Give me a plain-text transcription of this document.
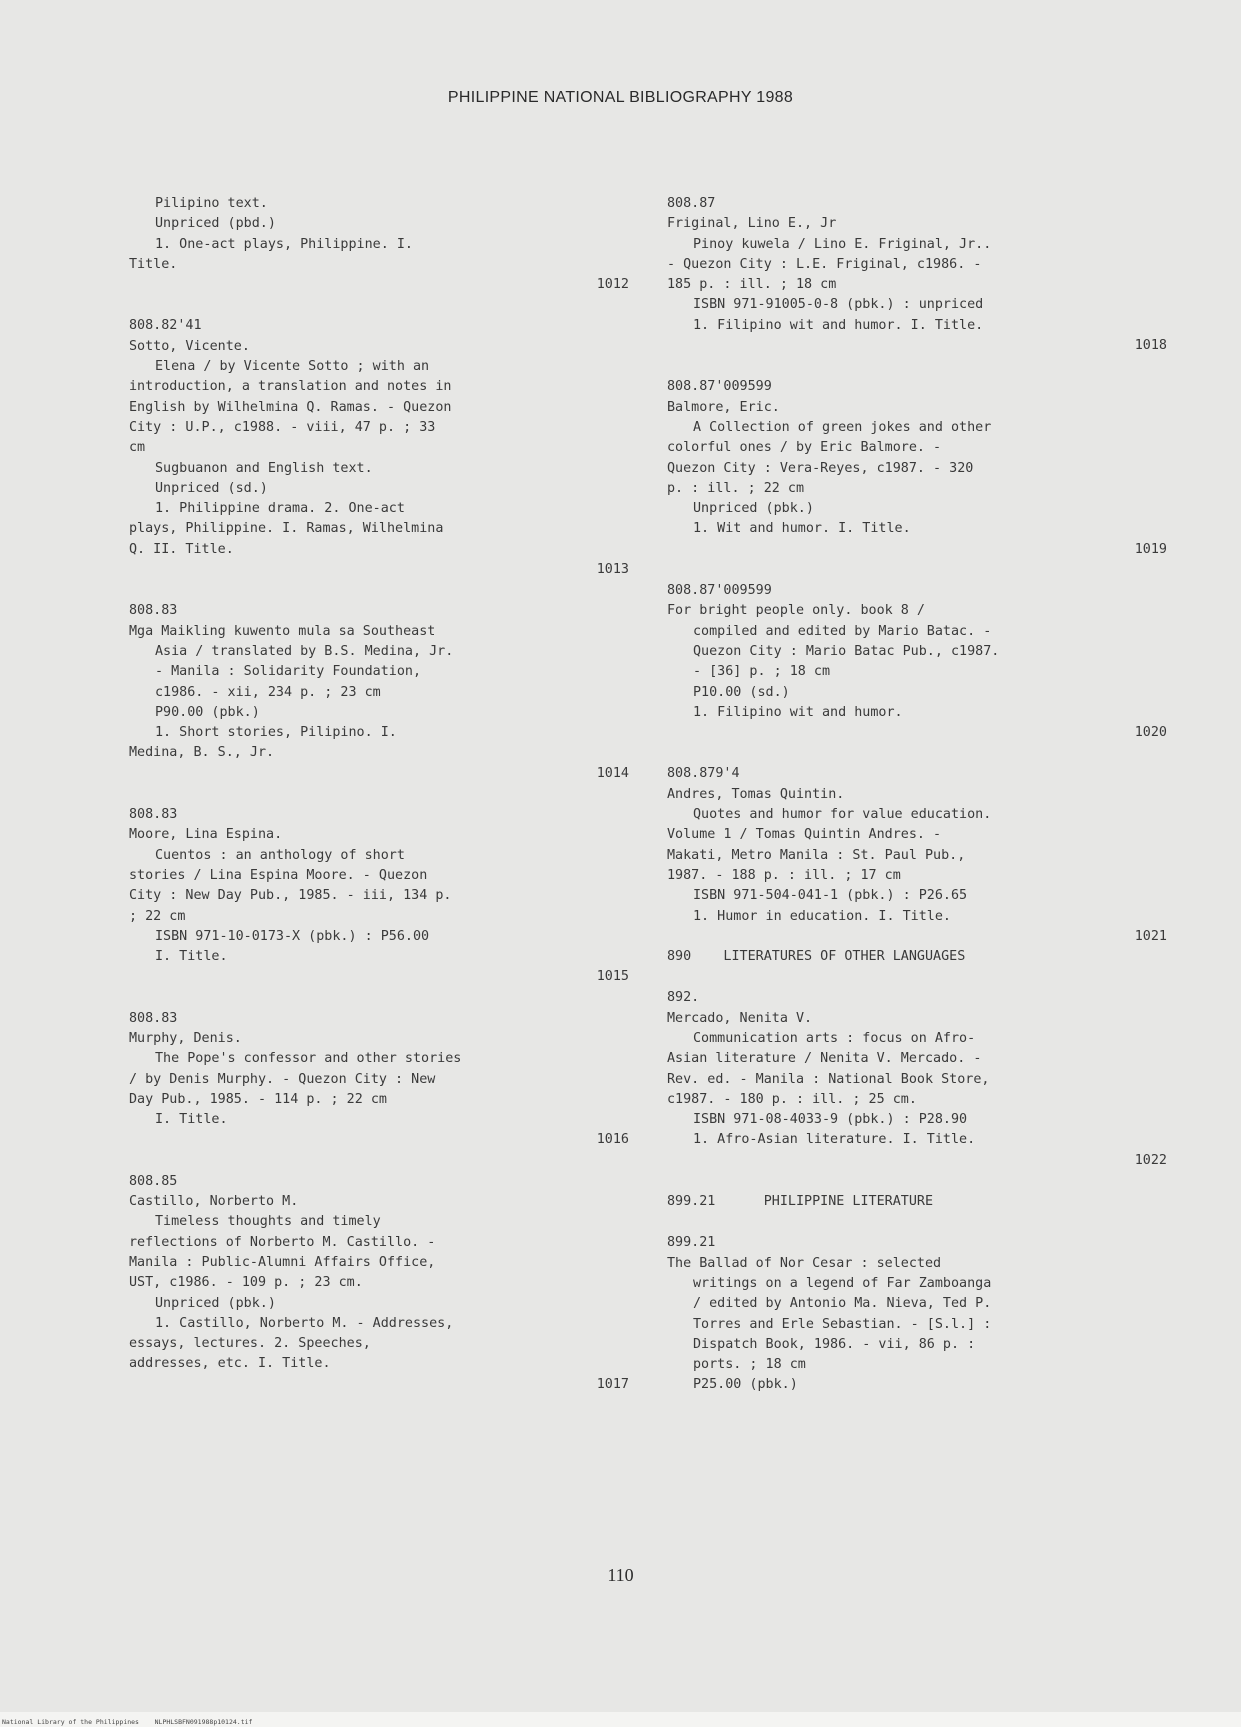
PHILIPPINE NATIONAL BIBLIOGRAPHY 1988
Pilipino text.
Unpriced (pbd.)
1. One-act plays, Philippine. I.
Title.
1012
808.82'41
Sotto, Vicente.
Elena / by Vicente Sotto ; with an
introduction, a translation and notes in
English by Wilhelmina Q. Ramas. - Quezon
City : U.P., c1988. - viii, 47 p. ; 33
cm
Sugbuanon and English text.
Unpriced (sd.)
1. Philippine drama. 2. One-act
plays, Philippine. I. Ramas, Wilhelmina
Q. II. Title.
1013
808.83
Mga Maikling kuwento mula sa Southeast
Asia / translated by B.S. Medina, Jr.
- Manila : Solidarity Foundation,
c1986. - xii, 234 p. ; 23 cm
P90.00 (pbk.)
1. Short stories, Pilipino. I.
Medina, B. S., Jr.
1014
808.83
Moore, Lina Espina.
Cuentos : an anthology of short
stories / Lina Espina Moore. - Quezon
City : New Day Pub., 1985. - iii, 134 p.
; 22 cm
ISBN 971-10-0173-X (pbk.) : P56.00
I. Title.
1015
808.83
Murphy, Denis.
The Pope's confessor and other stories
/ by Denis Murphy. - Quezon City : New
Day Pub., 1985. - 114 p. ; 22 cm
I. Title.
1016
808.85
Castillo, Norberto M.
Timeless thoughts and timely
reflections of Norberto M. Castillo. -
Manila : Public-Alumni Affairs Office,
UST, c1986. - 109 p. ; 23 cm.
Unpriced (pbk.)
1. Castillo, Norberto M. - Addresses,
essays, lectures. 2. Speeches,
addresses, etc. I. Title.
1017
808.87
Friginal, Lino E., Jr
Pinoy kuwela / Lino E. Friginal, Jr..
- Quezon City : L.E. Friginal, c1986. -
185 p. : ill. ; 18 cm
ISBN 971-91005-0-8 (pbk.) : unpriced
1. Filipino wit and humor. I. Title.
1018
808.87'009599
Balmore, Eric.
A Collection of green jokes and other
colorful ones / by Eric Balmore. -
Quezon City : Vera-Reyes, c1987. - 320
p. : ill. ; 22 cm
Unpriced (pbk.)
1. Wit and humor. I. Title.
1019
808.87'009599
For bright people only. book 8 /
compiled and edited by Mario Batac. -
Quezon City : Mario Batac Pub., c1987.
- [36] p. ; 18 cm
P10.00 (sd.)
1. Filipino wit and humor.
1020
808.879'4
Andres, Tomas Quintin.
Quotes and humor for value education.
Volume 1 / Tomas Quintin Andres. -
Makati, Metro Manila : St. Paul Pub.,
1987. - 188 p. : ill. ; 17 cm
ISBN 971-504-041-1 (pbk.) : P26.65
1. Humor in education. I. Title.
1021
890    LITERATURES OF OTHER LANGUAGES
892.
Mercado, Nenita V.
Communication arts : focus on Afro-
Asian literature / Nenita V. Mercado. -
Rev. ed. - Manila : National Book Store,
c1987. - 180 p. : ill. ; 25 cm.
ISBN 971-08-4033-9 (pbk.) : P28.90
1. Afro-Asian literature. I. Title.
1022
899.21      PHILIPPINE LITERATURE
899.21
The Ballad of Nor Cesar : selected
writings on a legend of Far Zamboanga
/ edited by Antonio Ma. Nieva, Ted P.
Torres and Erle Sebastian. - [S.l.] :
Dispatch Book, 1986. - vii, 86 p. :
ports. ; 18 cm
P25.00 (pbk.)
110
National Library of the Philippines    NLPHLSBFN091988p10124.tif
